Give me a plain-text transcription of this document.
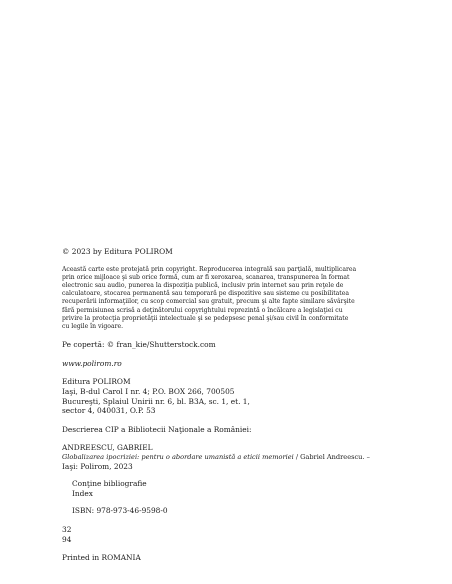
© 2023 by Editura POLIROM

Această carte este protejată prin copyright. Reproducerea integrală sau parţială, multiplicarea

prin orice mijloace şi sub orice formă, cum ar fi xeroxarea, scanarea, transpunerea în format

electronic sau audio, punerea la dispoziţia publică, inclusiv prin internet sau prin reţele de

calculatoare, stocarea permanentă sau temporară pe dispozitive sau sisteme cu posibilitatea

recuperării informaţiilor, cu scop comercial sau gratuit, precum şi alte fapte similare săvârşite

fără permisiunea scrisă a deţinătorului copyrightului reprezintă o încălcare a legislaţiei cu

privire la protecţia proprietăţii intelectuale şi se pedepsesc penal şi/sau civil în conformitate

cu legile în vigoare.

Pe copertă: © fran_kie/Shutterstock.com

www.polirom.ro

Editura POLIROM

Iaşi, B-dul Carol I nr. 4; P.O. BOX 266, 700505

Bucureşti, Splaiul Unirii nr. 6, bl. B3A, sc. 1, et. 1,

sector 4, 040031, O.P. 53

Descrierea CIP a Bibliotecii Naţionale a României:

ANDREESCU, GABRIEL

Globalizarea ipocriziei: pentru o abordare umanistă a eticii memoriei / Gabriel Andreescu. –

Iaşi: Polirom, 2023

Conţine bibliografie

Index

ISBN: 978-973-46-9598-0

32

94

Printed in ROMANIA
